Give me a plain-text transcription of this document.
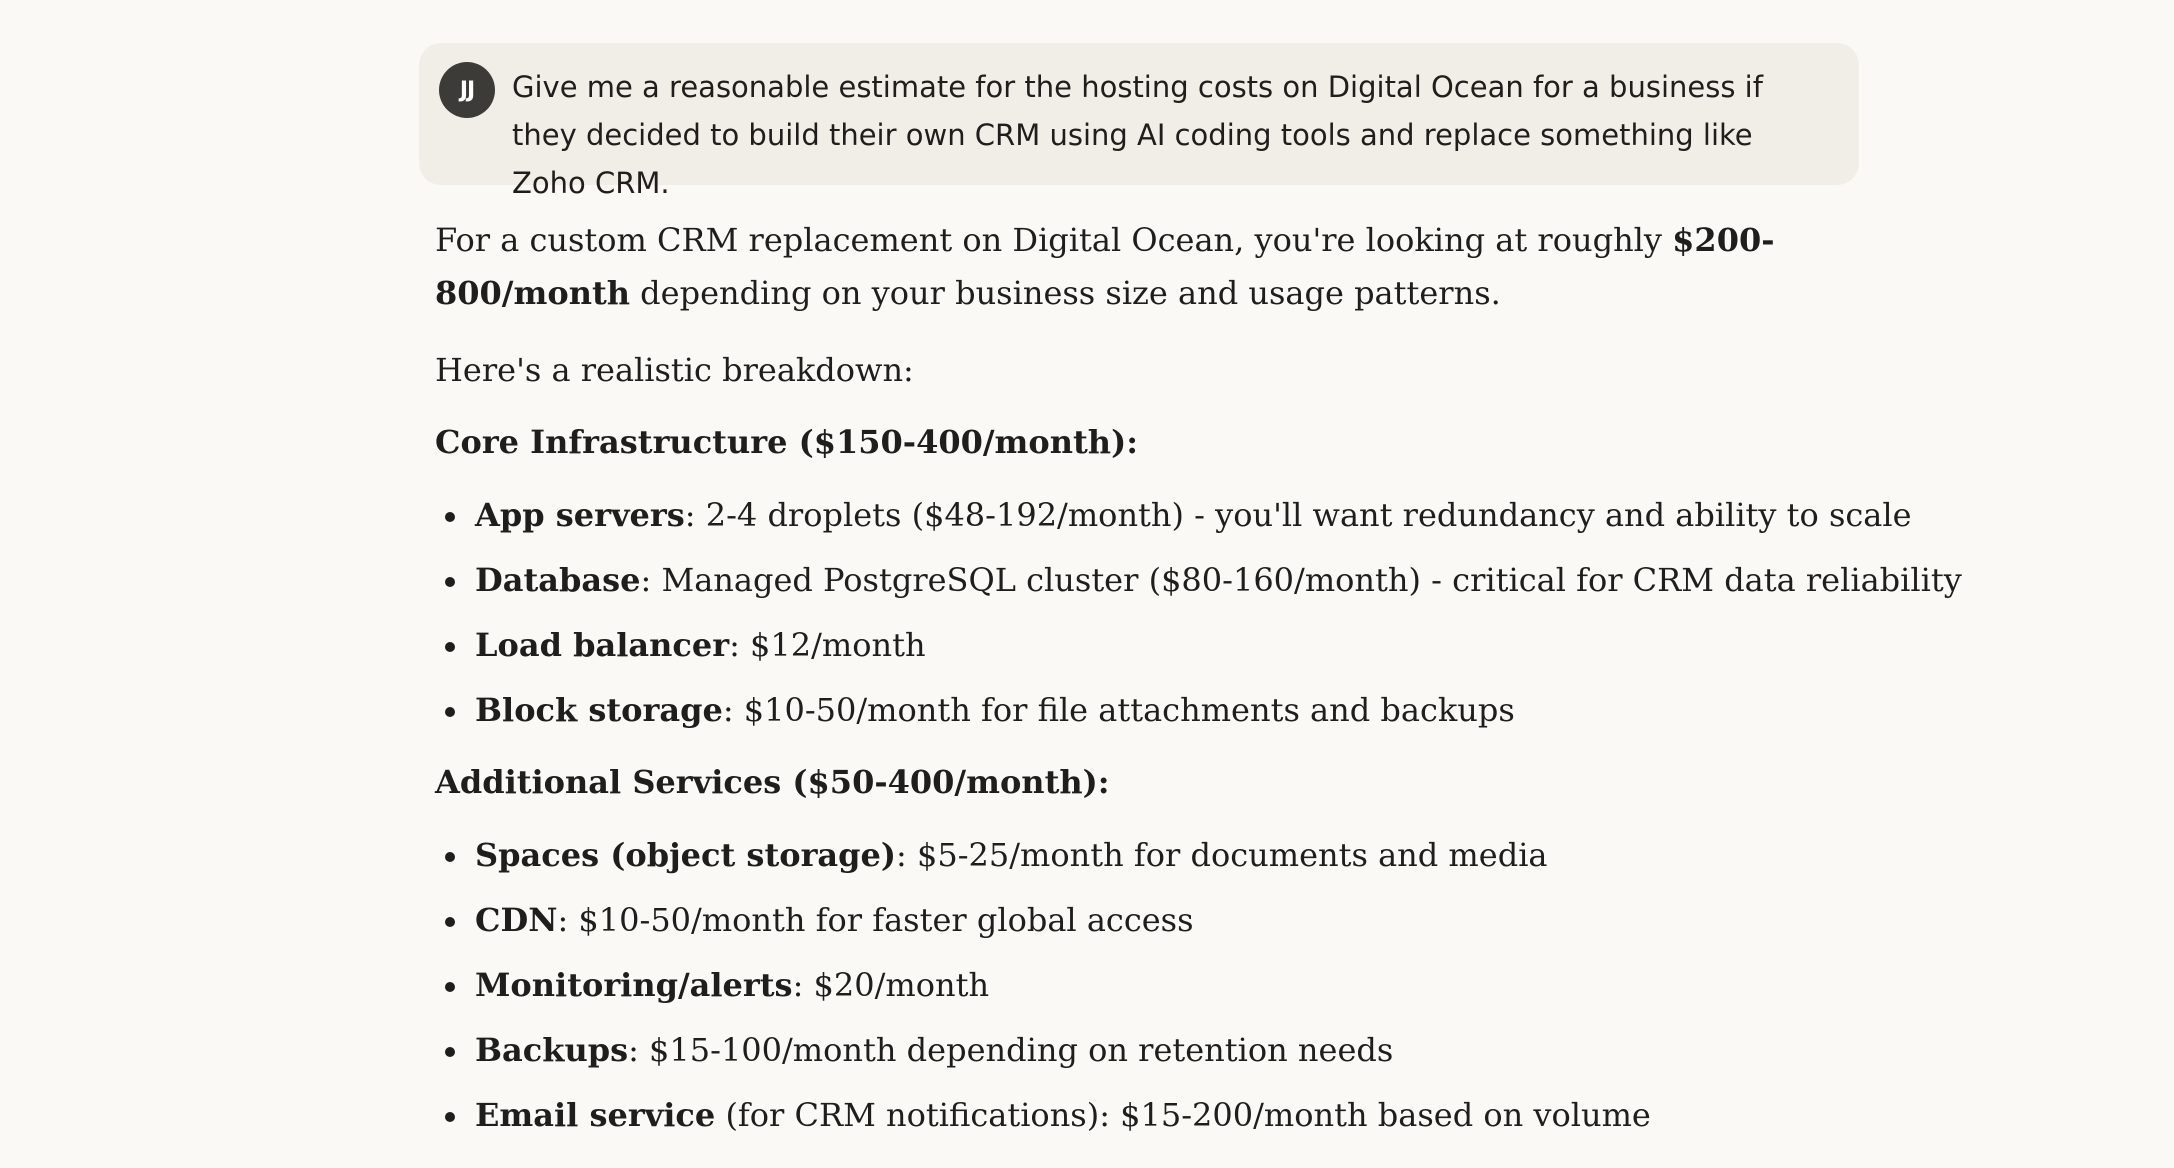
JJ Give me a reasonable estimate for the hosting costs on Digital Ocean for a business if they decided to build their own CRM using AI coding tools and replace something like Zoho CRM.

For a custom CRM replacement on Digital Ocean, you're looking at roughly $200-800/month depending on your business size and usage patterns.

Here's a realistic breakdown:

Core Infrastructure ($150-400/month):

App servers: 2-4 droplets ($48-192/month) - you'll want redundancy and ability to scale
Database: Managed PostgreSQL cluster ($80-160/month) - critical for CRM data reliability
Load balancer: $12/month
Block storage: $10-50/month for file attachments and backups

Additional Services ($50-400/month):

Spaces (object storage): $5-25/month for documents and media
CDN: $10-50/month for faster global access
Monitoring/alerts: $20/month
Backups: $15-100/month depending on retention needs
Email service (for CRM notifications): $15-200/month based on volume
